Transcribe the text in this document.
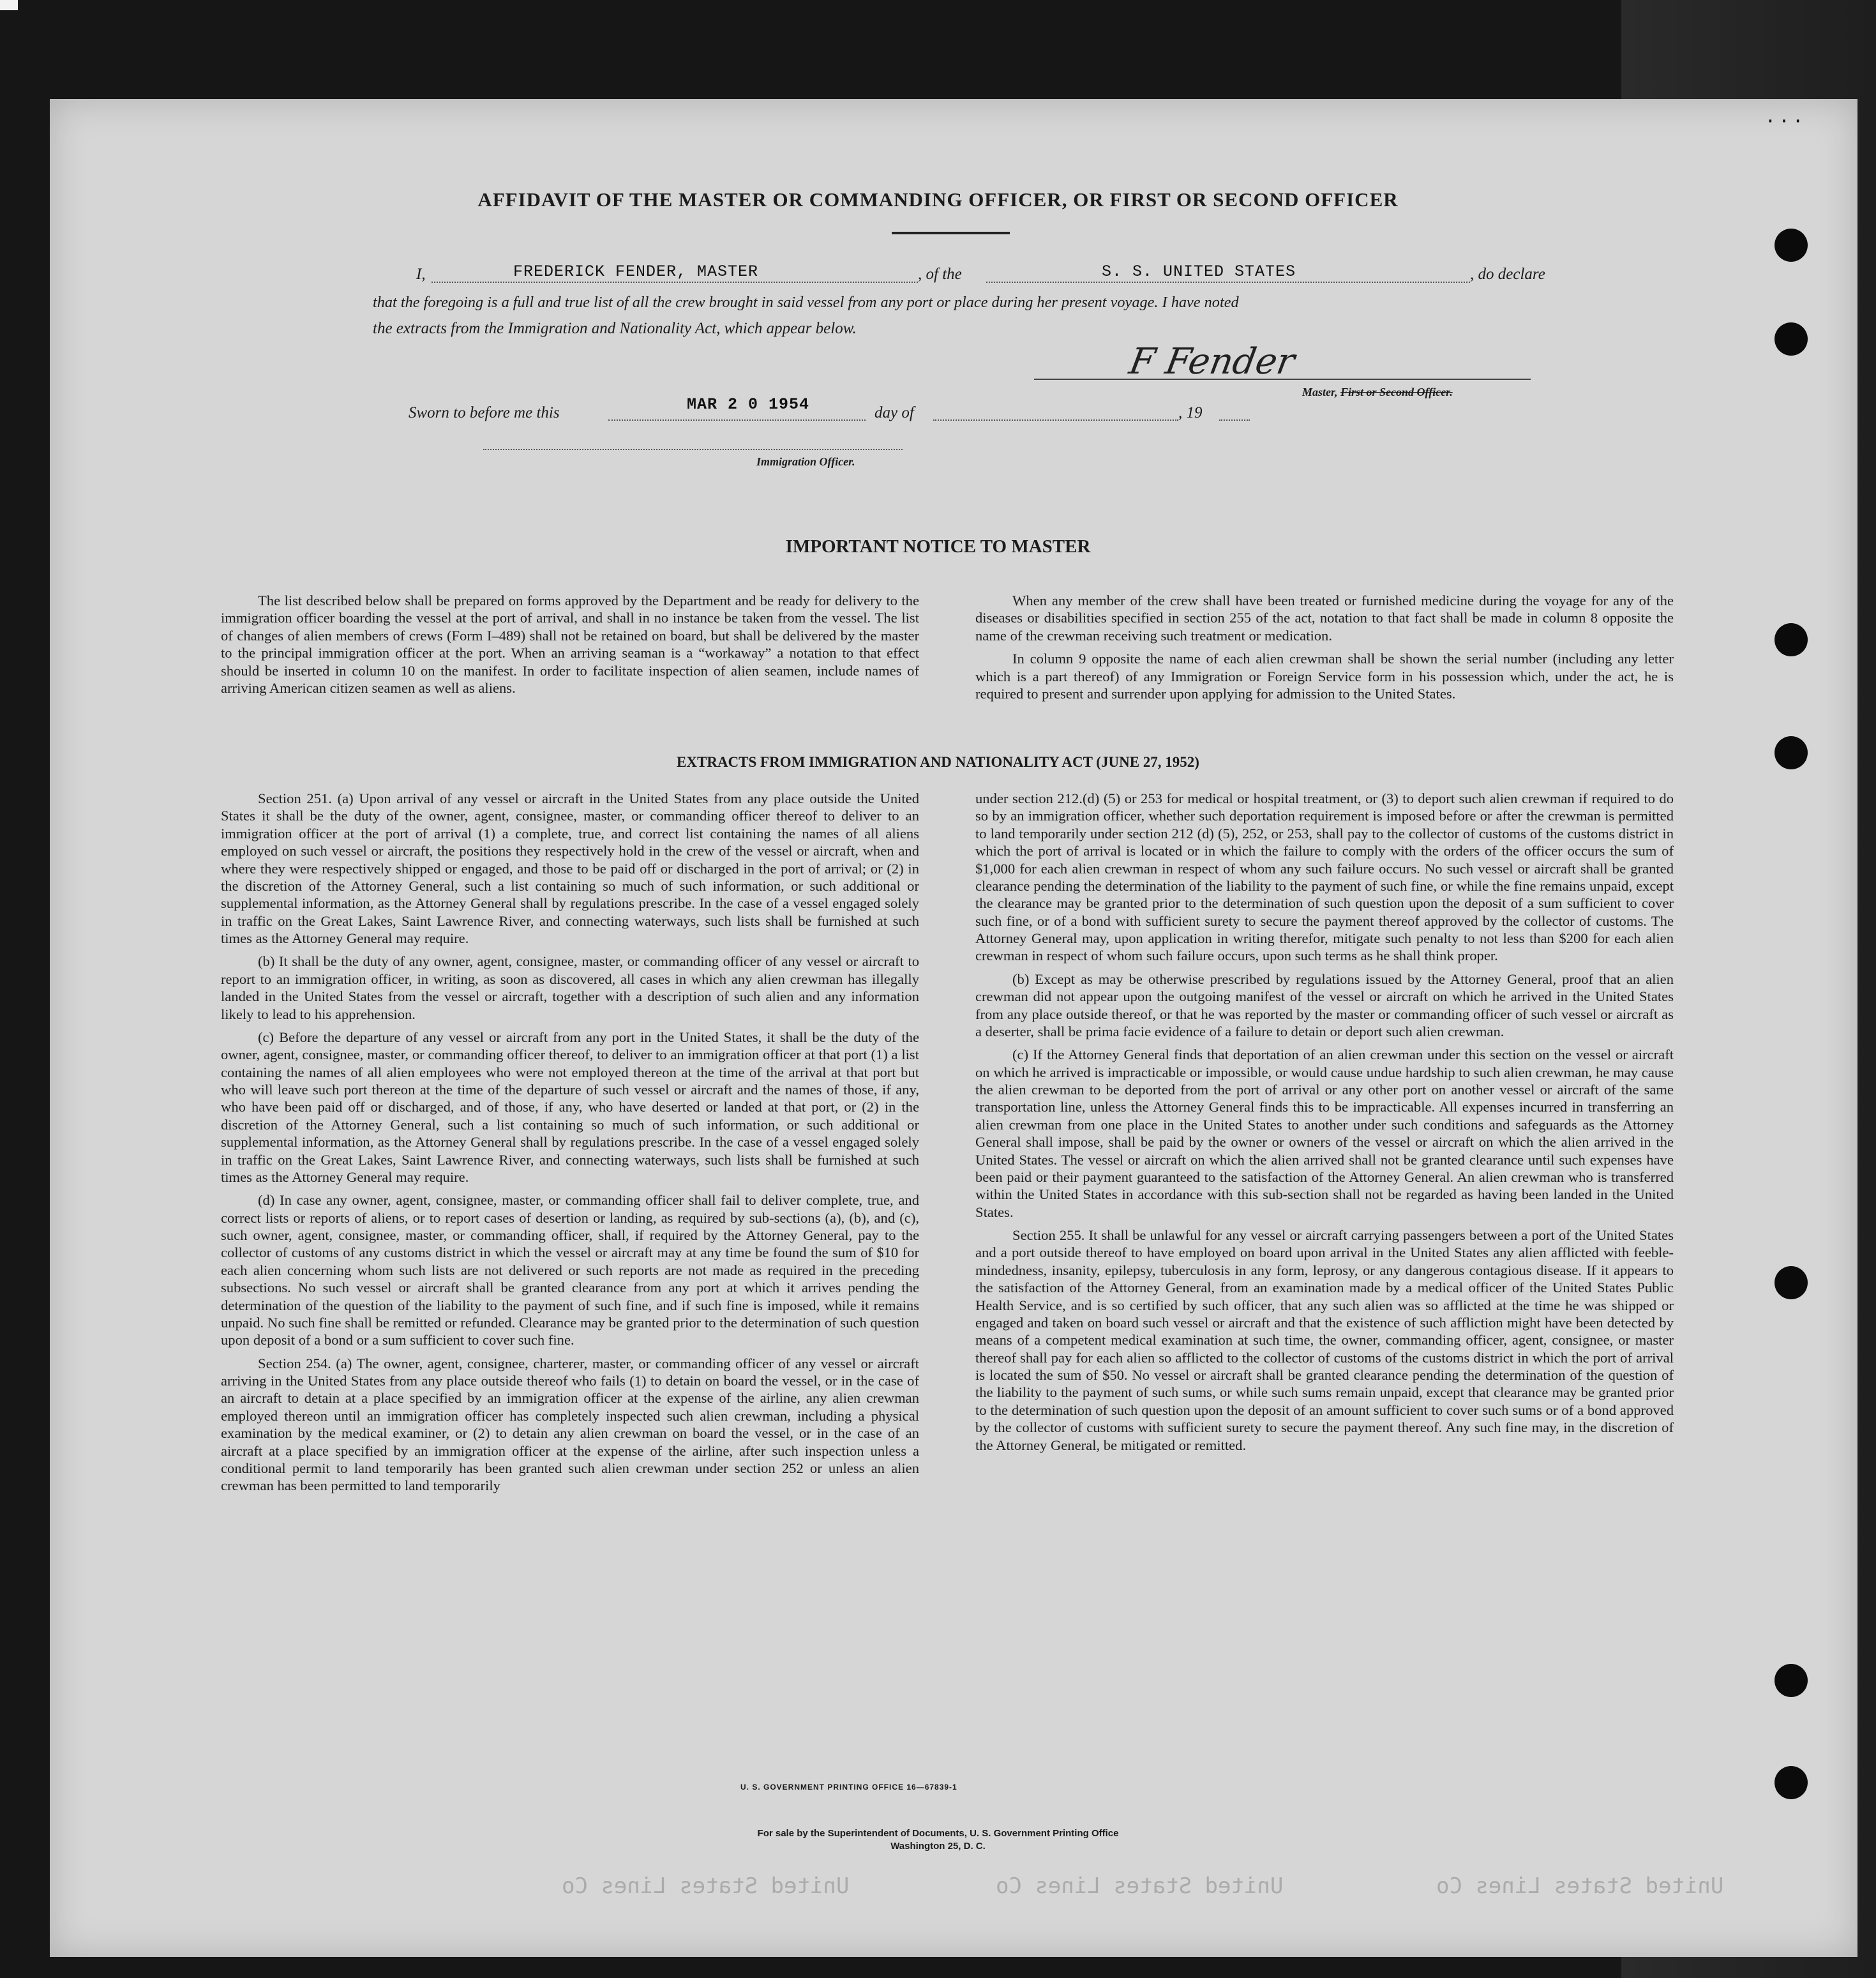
· · ·
United States Lines Co	United States Lines Co	United States Lines Co
AFFIDAVIT OF THE MASTER OR COMMANDING OFFICER, OR FIRST OR SECOND OFFICER
I,	FREDERICK FENDER, MASTER	, of the	S. S. UNITED STATES	, do declare
that the foregoing is a full and true list of all the crew brought in said vessel from any port or place during her present voyage. I have noted
the extracts from the Immigration and Nationality Act, which appear below.
F Fender
Master, First or Second Officer.
Sworn to before me this	MAR 2 0 1954	day of	, 19
Immigration Officer.
IMPORTANT NOTICE TO MASTER

The list described below shall be prepared on forms approved by the Department and be ready for delivery to the immigration officer boarding the vessel at the port of arrival, and shall in no instance be taken from the vessel. The list of changes of alien members of crews (Form I–489) shall not be retained on board, but shall be delivered by the master to the principal immigration officer at the port. When an arriving seaman is a “workaway” a notation to that effect should be inserted in column 10 on the manifest. In order to facilitate inspection of alien seamen, include names of arriving American citizen seamen as well as aliens.

When any member of the crew shall have been treated or furnished medicine during the voyage for any of the diseases or disabilities specified in section 255 of the act, notation to that fact shall be made in column 8 opposite the name of the crewman receiving such treatment or medication.

In column 9 opposite the name of each alien crewman shall be shown the serial number (including any letter which is a part thereof) of any Immigration or Foreign Service form in his possession which, under the act, he is required to present and surrender upon applying for admission to the United States.

EXTRACTS FROM IMMIGRATION AND NATIONALITY ACT (JUNE 27, 1952)

Section 251. (a) Upon arrival of any vessel or aircraft in the United States from any place outside the United States it shall be the duty of the owner, agent, consignee, master, or commanding officer thereof to deliver to an immigration officer at the port of arrival (1) a complete, true, and correct list containing the names of all aliens employed on such vessel or aircraft, the positions they respectively hold in the crew of the vessel or aircraft, when and where they were respectively shipped or engaged, and those to be paid off or discharged in the port of arrival; or (2) in the discretion of the Attorney General, such a list containing so much of such information, or such additional or supplemental information, as the Attorney General shall by regulations prescribe. In the case of a vessel engaged solely in traffic on the Great Lakes, Saint Lawrence River, and connecting waterways, such lists shall be furnished at such times as the Attorney General may require.

(b) It shall be the duty of any owner, agent, consignee, master, or commanding officer of any vessel or aircraft to report to an immigration officer, in writing, as soon as discovered, all cases in which any alien crewman has illegally landed in the United States from the vessel or aircraft, together with a description of such alien and any information likely to lead to his apprehension.

(c) Before the departure of any vessel or aircraft from any port in the United States, it shall be the duty of the owner, agent, consignee, master, or commanding officer thereof, to deliver to an immigration officer at that port (1) a list containing the names of all alien employees who were not employed thereon at the time of the arrival at that port but who will leave such port thereon at the time of the departure of such vessel or aircraft and the names of those, if any, who have been paid off or discharged, and of those, if any, who have deserted or landed at that port, or (2) in the discretion of the Attorney General, such a list containing so much of such information, or such additional or supplemental information, as the Attorney General shall by regulations prescribe. In the case of a vessel engaged solely in traffic on the Great Lakes, Saint Lawrence River, and connecting waterways, such lists shall be furnished at such times as the Attorney General may require.

(d) In case any owner, agent, consignee, master, or commanding officer shall fail to deliver complete, true, and correct lists or reports of aliens, or to report cases of desertion or landing, as required by sub-sections (a), (b), and (c), such owner, agent, consignee, master, or commanding officer, shall, if required by the Attorney General, pay to the collector of customs of any customs district in which the vessel or aircraft may at any time be found the sum of $10 for each alien concerning whom such lists are not delivered or such reports are not made as required in the preceding subsections. No such vessel or aircraft shall be granted clearance from any port at which it arrives pending the determination of the question of the liability to the payment of such fine, and if such fine is imposed, while it remains unpaid. No such fine shall be remitted or refunded. Clearance may be granted prior to the determination of such question upon deposit of a bond or a sum sufficient to cover such fine.

Section 254. (a) The owner, agent, consignee, charterer, master, or commanding officer of any vessel or aircraft arriving in the United States from any place outside thereof who fails (1) to detain on board the vessel, or in the case of an aircraft to detain at a place specified by an immigration officer at the expense of the airline, any alien crewman employed thereon until an immigration officer has completely inspected such alien crewman, including a physical examination by the medical examiner, or (2) to detain any alien crewman on board the vessel, or in the case of an aircraft at a place specified by an immigration officer at the expense of the airline, after such inspection unless a conditional permit to land temporarily has been granted such alien crewman under section 252 or unless an alien crewman has been permitted to land temporarily

under section 212.(d) (5) or 253 for medical or hospital treatment, or (3) to deport such alien crewman if required to do so by an immigration officer, whether such deportation requirement is imposed before or after the crewman is permitted to land temporarily under section 212 (d) (5), 252, or 253, shall pay to the collector of customs of the customs district in which the port of arrival is located or in which the failure to comply with the orders of the officer occurs the sum of $1,000 for each alien crewman in respect of whom any such failure occurs. No such vessel or aircraft shall be granted clearance pending the determination of the liability to the payment of such fine, or while the fine remains unpaid, except the clearance may be granted prior to the determination of such question upon the deposit of a sum sufficient to cover such fine, or of a bond with sufficient surety to secure the payment thereof approved by the collector of customs. The Attorney General may, upon application in writing therefor, mitigate such penalty to not less than $200 for each alien crewman in respect of whom such failure occurs, upon such terms as he shall think proper.

(b) Except as may be otherwise prescribed by regulations issued by the Attorney General, proof that an alien crewman did not appear upon the outgoing manifest of the vessel or aircraft on which he arrived in the United States from any place outside thereof, or that he was reported by the master or commanding officer of such vessel or aircraft as a deserter, shall be prima facie evidence of a failure to detain or deport such alien crewman.

(c) If the Attorney General finds that deportation of an alien crewman under this section on the vessel or aircraft on which he arrived is impracticable or impossible, or would cause undue hardship to such alien crewman, he may cause the alien crewman to be deported from the port of arrival or any other port on another vessel or aircraft of the same transportation line, unless the Attorney General finds this to be impracticable. All expenses incurred in transferring an alien crewman from one place in the United States to another under such conditions and safeguards as the Attorney General shall impose, shall be paid by the owner or owners of the vessel or aircraft on which the alien arrived in the United States. The vessel or aircraft on which the alien arrived shall not be granted clearance until such expenses have been paid or their payment guaranteed to the satisfaction of the Attorney General. An alien crewman who is transferred within the United States in accordance with this sub-section shall not be regarded as having been landed in the United States.

Section 255. It shall be unlawful for any vessel or aircraft carrying passengers between a port of the United States and a port outside thereof to have employed on board upon arrival in the United States any alien afflicted with feeble-mindedness, insanity, epilepsy, tuberculosis in any form, leprosy, or any dangerous contagious disease. If it appears to the satisfaction of the Attorney General, from an examination made by a medical officer of the United States Public Health Service, and is so certified by such officer, that any such alien was so afflicted at the time he was shipped or engaged and taken on board such vessel or aircraft and that the existence of such affliction might have been detected by means of a competent medical examination at such time, the owner, commanding officer, agent, consignee, or master thereof shall pay for each alien so afflicted to the collector of customs of the customs district in which the port of arrival is located the sum of $50. No vessel or aircraft shall be granted clearance pending the determination of the question of the liability to the payment of such sums, or while such sums remain unpaid, except that clearance may be granted prior to the determination of such question upon the deposit of an amount sufficient to cover such sums or of a bond approved by the collector of customs with sufficient surety to secure the payment thereof. Any such fine may, in the discretion of the Attorney General, be mitigated or remitted.

U. S. GOVERNMENT PRINTING OFFICE 16—67839-1
For sale by the Superintendent of Documents, U. S. Government Printing Office
Washington 25, D. C.
